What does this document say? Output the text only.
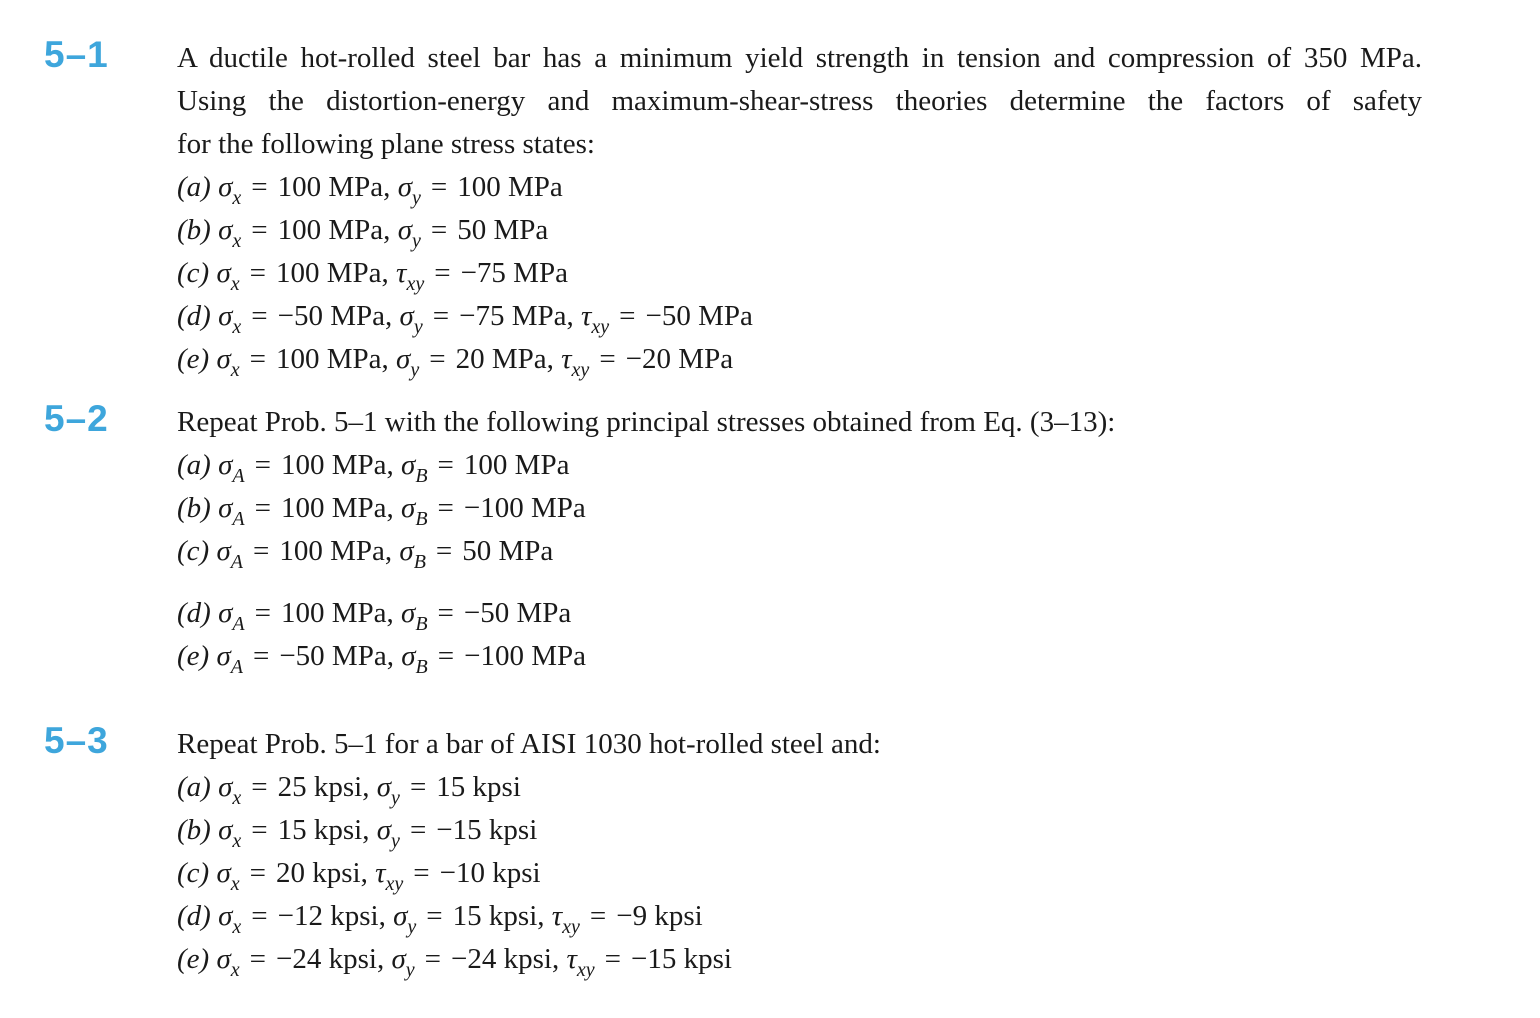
5–1 A ductile hot-rolled steel bar has a minimum yield strength in tension and compression of 350 MPa.
Using the distortion-energy and maximum-shear-stress theories determine the factors of safety
for the following plane stress states:
(a) $\sigma_x = 100$ MPa, $\sigma_y = 100$ MPa
(b) $\sigma_x = 100$ MPa, $\sigma_y = 50$ MPa
(c) $\sigma_x = 100$ MPa, $\tau_{xy} = -75$ MPa
(d) $\sigma_x = -50$ MPa, $\sigma_y = -75$ MPa, $\tau_{xy} = -50$ MPa
(e) $\sigma_x = 100$ MPa, $\sigma_y = 20$ MPa, $\tau_{xy} = -20$ MPa
5–2 Repeat Prob. 5–1 with the following principal stresses obtained from Eq. (3–13):
(a) $\sigma_A = 100$ MPa, $\sigma_B = 100$ MPa
(b) $\sigma_A = 100$ MPa, $\sigma_B = -100$ MPa
(c) $\sigma_A = 100$ MPa, $\sigma_B = 50$ MPa
(d) $\sigma_A = 100$ MPa, $\sigma_B = -50$ MPa
(e) $\sigma_A = -50$ MPa, $\sigma_B = -100$ MPa
5–3 Repeat Prob. 5–1 for a bar of AISI 1030 hot-rolled steel and:
(a) $\sigma_x = 25$ kpsi, $\sigma_y = 15$ kpsi
(b) $\sigma_x = 15$ kpsi, $\sigma_y = -15$ kpsi
(c) $\sigma_x = 20$ kpsi, $\tau_{xy} = -10$ kpsi
(d) $\sigma_x = -12$ kpsi, $\sigma_y = 15$ kpsi, $\tau_{xy} = -9$ kpsi
(e) $\sigma_x = -24$ kpsi, $\sigma_y = -24$ kpsi, $\tau_{xy} = -15$ kpsi
